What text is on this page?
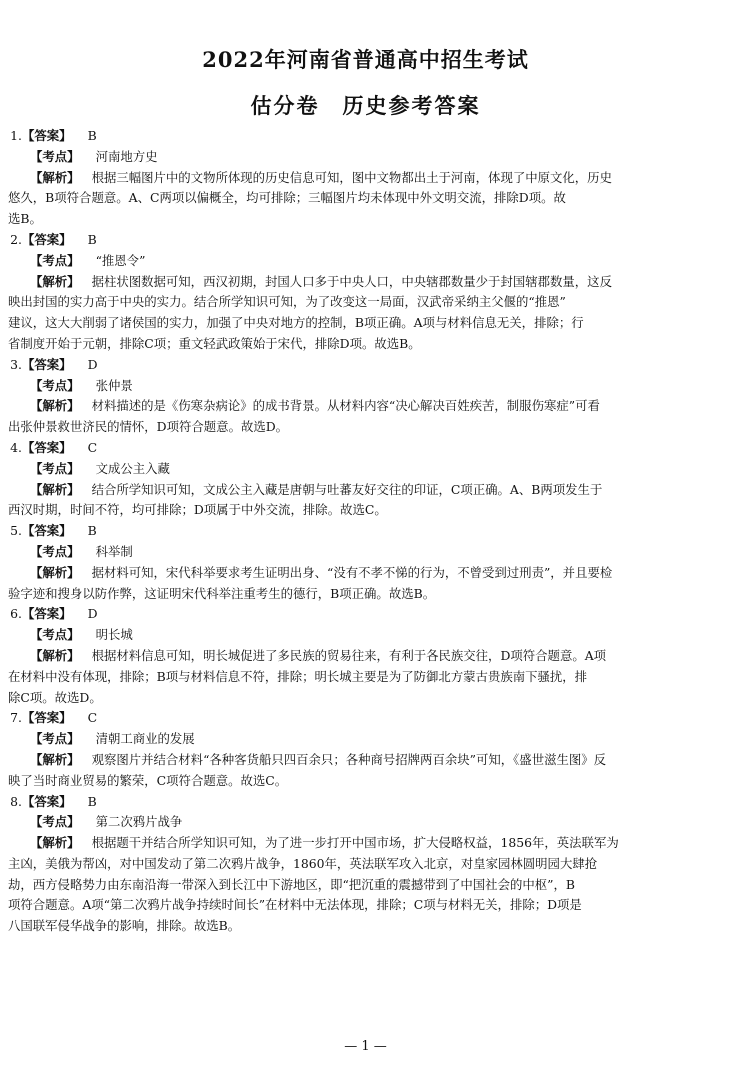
2022年河南省普通高中招生考试
估分卷　历史参考答案
1.【答案】 B
【考点】 河南地方史
【解析】 根据三幅图片中的文物所体现的历史信息可知，图中文物都出土于河南，体现了中原文化，历史
悠久，B项符合题意。A、C两项以偏概全，均可排除；三幅图片均未体现中外文明交流，排除D项。故
选B。
2.【答案】 B
【考点】 “推恩令”
【解析】 据柱状图数据可知，西汉初期，封国人口多于中央人口，中央辖郡数量少于封国辖郡数量，这反
映出封国的实力高于中央的实力。结合所学知识可知，为了改变这一局面，汉武帝采纳主父偃的“推恩”
建议，这大大削弱了诸侯国的实力，加强了中央对地方的控制，B项正确。A项与材料信息无关，排除；行
省制度开始于元朝，排除C项；重文轻武政策始于宋代，排除D项。故选B。
3.【答案】 D
【考点】 张仲景
【解析】 材料描述的是《伤寒杂病论》的成书背景。从材料内容“决心解决百姓疾苦，制服伤寒症”可看
出张仲景救世济民的情怀，D项符合题意。故选D。
4.【答案】 C
【考点】 文成公主入藏
【解析】 结合所学知识可知，文成公主入藏是唐朝与吐蕃友好交往的印证，C项正确。A、B两项发生于
西汉时期，时间不符，均可排除；D项属于中外交流，排除。故选C。
5.【答案】 B
【考点】 科举制
【解析】 据材料可知，宋代科举要求考生证明出身、“没有不孝不悌的行为，不曾受到过刑责”，并且要检
验字迹和搜身以防作弊，这证明宋代科举注重考生的德行，B项正确。故选B。
6.【答案】 D
【考点】 明长城
【解析】 根据材料信息可知，明长城促进了多民族的贸易往来，有利于各民族交往，D项符合题意。A项
在材料中没有体现，排除；B项与材料信息不符，排除；明长城主要是为了防御北方蒙古贵族南下骚扰，排
除C项。故选D。
7.【答案】 C
【考点】 清朝工商业的发展
【解析】 观察图片并结合材料“各种客货船只四百余只；各种商号招牌两百余块”可知，《盛世滋生图》反
映了当时商业贸易的繁荣，C项符合题意。故选C。
8.【答案】 B
【考点】 第二次鸦片战争
【解析】 根据题干并结合所学知识可知，为了进一步打开中国市场，扩大侵略权益，1856年，英法联军为
主凶，美俄为帮凶，对中国发动了第二次鸦片战争，1860年，英法联军攻入北京，对皇家园林圆明园大肆抢
劫，西方侵略势力由东南沿海一带深入到长江中下游地区，即“把沉重的震撼带到了中国社会的中枢”，B
项符合题意。A项“第二次鸦片战争持续时间长”在材料中无法体现，排除；C项与材料无关，排除；D项是
八国联军侵华战争的影响，排除。故选B。
— 1 —
